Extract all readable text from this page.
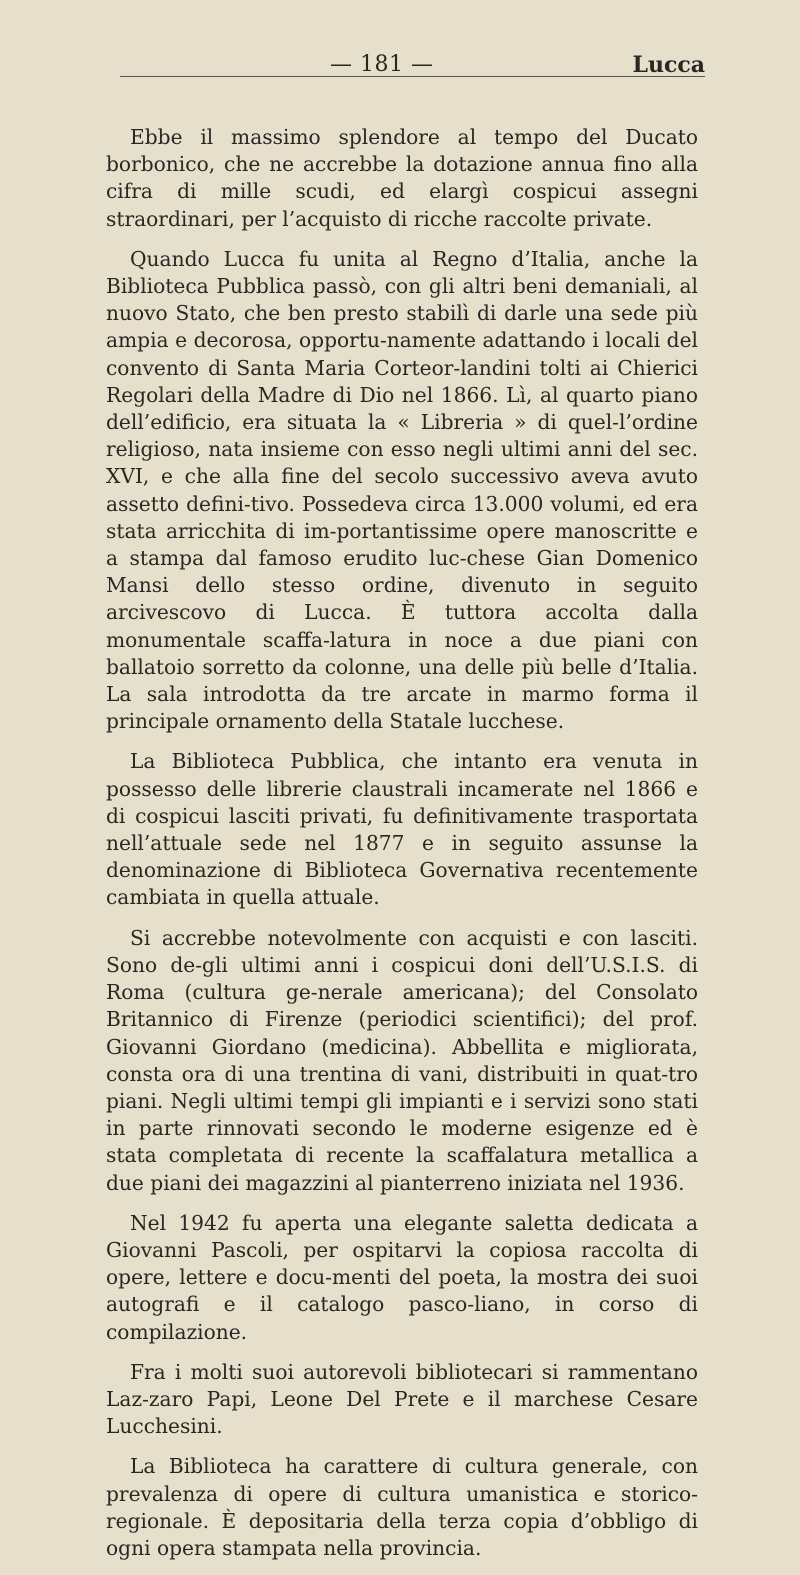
— 181 —	Lucca

Ebbe il massimo splendore al tempo del Ducato borbonico, che ne accrebbe la dotazione annua fino alla cifra di mille scudi, ed elargì cospicui assegni straordinari, per l’acquisto di ricche raccolte private.

Quando Lucca fu unita al Regno d’Italia, anche la Biblioteca Pubblica passò, con gli altri beni demaniali, al nuovo Stato, che ben presto stabilì di darle una sede più ampia e decorosa, opportu-namente adattando i locali del convento di Santa Maria Corteor-landini tolti ai Chierici Regolari della Madre di Dio nel 1866. Lì, al quarto piano dell’edificio, era situata la « Libreria » di quel-l’ordine religioso, nata insieme con esso negli ultimi anni del sec. XVI, e che alla fine del secolo successivo aveva avuto assetto defini-tivo. Possedeva circa 13.000 volumi, ed era stata arricchita di im-portantissime opere manoscritte e a stampa dal famoso erudito luc-chese Gian Domenico Mansi dello stesso ordine, divenuto in seguito arcivescovo di Lucca. È tuttora accolta dalla monumentale scaffa-latura in noce a due piani con ballatoio sorretto da colonne, una delle più belle d’Italia. La sala introdotta da tre arcate in marmo forma il principale ornamento della Statale lucchese.

La Biblioteca Pubblica, che intanto era venuta in possesso delle librerie claustrali incamerate nel 1866 e di cospicui lasciti privati, fu definitivamente trasportata nell’attuale sede nel 1877 e in seguito assunse la denominazione di Biblioteca Governativa recentemente cambiata in quella attuale.

Si accrebbe notevolmente con acquisti e con lasciti. Sono de-gli ultimi anni i cospicui doni dell’U.S.I.S. di Roma (cultura ge-nerale americana); del Consolato Britannico di Firenze (periodici scientifici); del prof. Giovanni Giordano (medicina). Abbellita e migliorata, consta ora di una trentina di vani, distribuiti in quat-tro piani. Negli ultimi tempi gli impianti e i servizi sono stati in parte rinnovati secondo le moderne esigenze ed è stata completata di recente la scaffalatura metallica a due piani dei magazzini al pianterreno iniziata nel 1936.

Nel 1942 fu aperta una elegante saletta dedicata a Giovanni Pascoli, per ospitarvi la copiosa raccolta di opere, lettere e docu-menti del poeta, la mostra dei suoi autografi e il catalogo pasco-liano, in corso di compilazione.

Fra i molti suoi autorevoli bibliotecari si rammentano Laz-zaro Papi, Leone Del Prete e il marchese Cesare Lucchesini.

La Biblioteca ha carattere di cultura generale, con prevalenza di opere di cultura umanistica e storico-regionale. È depositaria della terza copia d’obbligo di ogni opera stampata nella provincia.
